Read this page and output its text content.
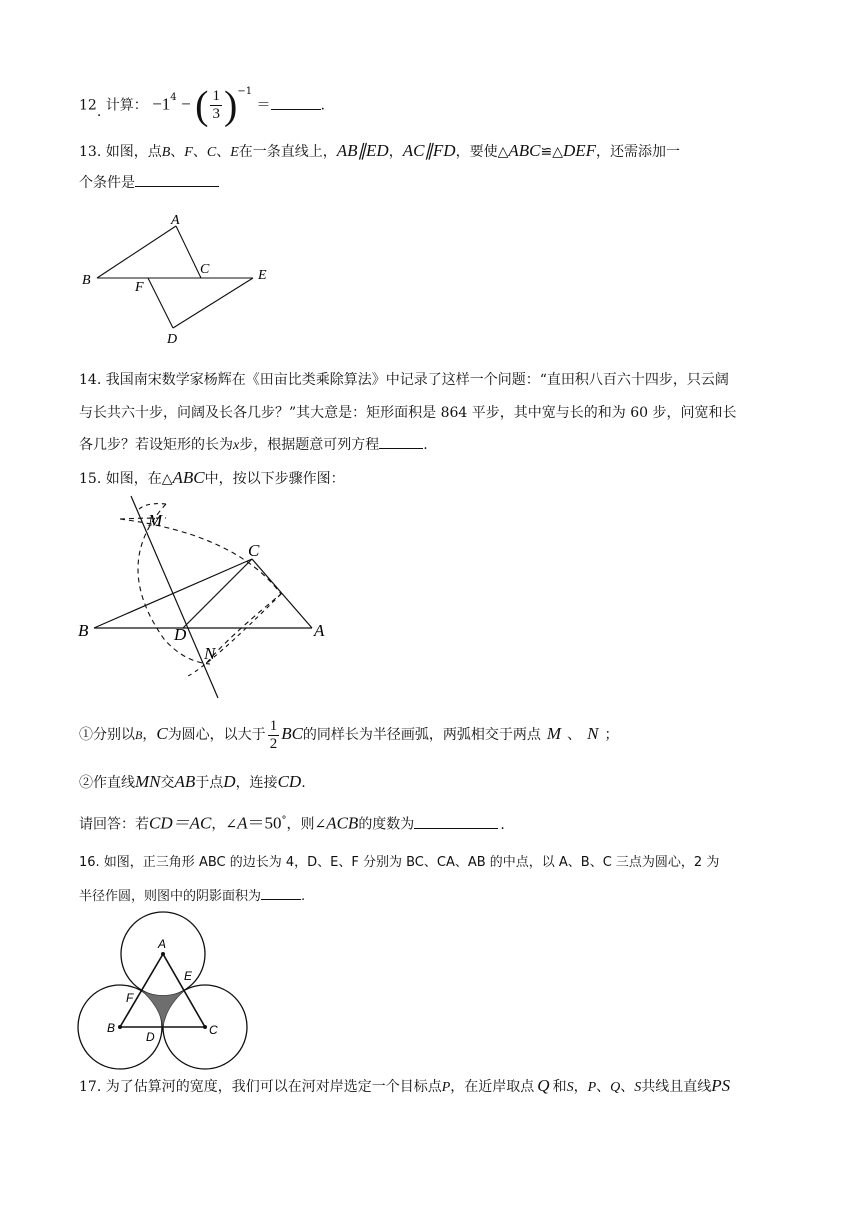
12. 计算： $-1^4$ − ( $\frac{1}{3} )^{-1}$ ＝	.
13. 如图，点B、F、C、E在一条直线上，AB∥ED，AC∥FD，要使△ABC≌△DEF，还需添加一
个条件是
A
B
C	E
F
D
14. 我国南宋数学家杨辉在《田亩比类乘除算法》中记录了这样一个问题：“直田积八百六十四步，只云阔
与长共六十步，问阔及长各几步？”其大意是：矩形面积是 864 平步，其中宽与长的和为 60 步，问宽和长
各几步？若设矩形的长为x步，根据题意可列方程	.
15. 如图，在△ABC中，按以下步骤作图：
M
C
B	D	A
N
①分别以B，C为圆心，以大于 $\frac{1}{2}$ BC的同样长为半径画弧，两弧相交于两点 M 、 N ；
②作直线MN交AB于点D，连接CD.
请回答：若CD＝AC，∠A＝50°，则∠ACB的度数为	.
16. 如图，正三角形 ABC 的边长为 4，D、E、F 分别为 BC、CA、AB 的中点，以 A、B、C 三点为圆心，2 为
半径作圆，则图中的阴影面积为	.
A
E
F
B
D	C
17. 为了估算河的宽度，我们可以在河对岸选定一个目标点P，在近岸取点 Q 和S，P、Q、S共线且直线PS
